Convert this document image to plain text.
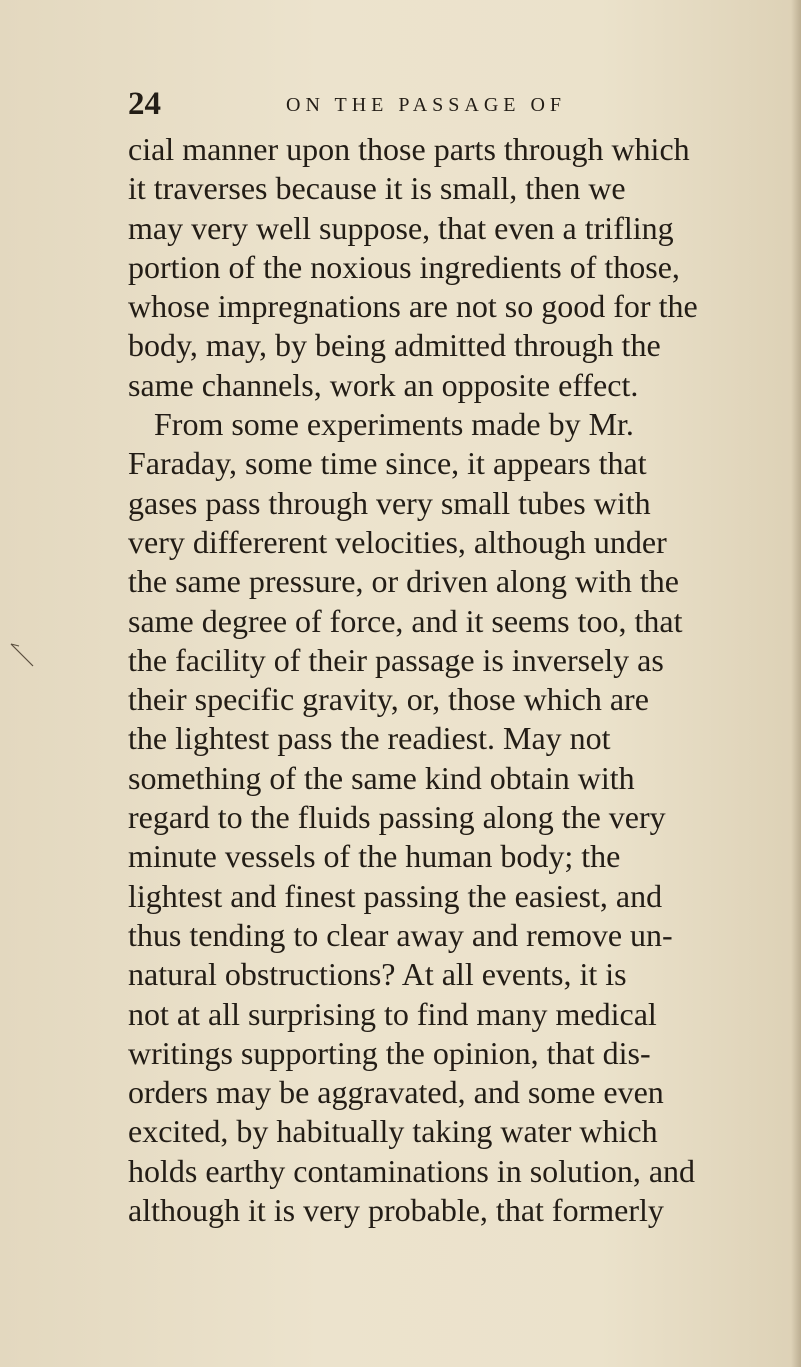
24	ON THE PASSAGE OF
cial manner upon those parts through which
it traverses because it is small, then we
may very well suppose, that even a trifling
portion of the noxious ingredients of those,
whose impregnations are not so good for the
body, may, by being admitted through the
same channels, work an opposite effect.
From some experiments made by Mr.
Faraday, some time since, it appears that
gases pass through very small tubes with
very differerent velocities, although under
the same pressure, or driven along with the
same degree of force, and it seems too, that
the facility of their passage is inversely as
their specific gravity, or, those which are
the lightest pass the readiest. May not
something of the same kind obtain with
regard to the fluids passing along the very
minute vessels of the human body; the
lightest and finest passing the easiest, and
thus tending to clear away and remove un-
natural obstructions? At all events, it is
not at all surprising to find many medical
writings supporting the opinion, that dis-
orders may be aggravated, and some even
excited, by habitually taking water which
holds earthy contaminations in solution, and
although it is very probable, that formerly
